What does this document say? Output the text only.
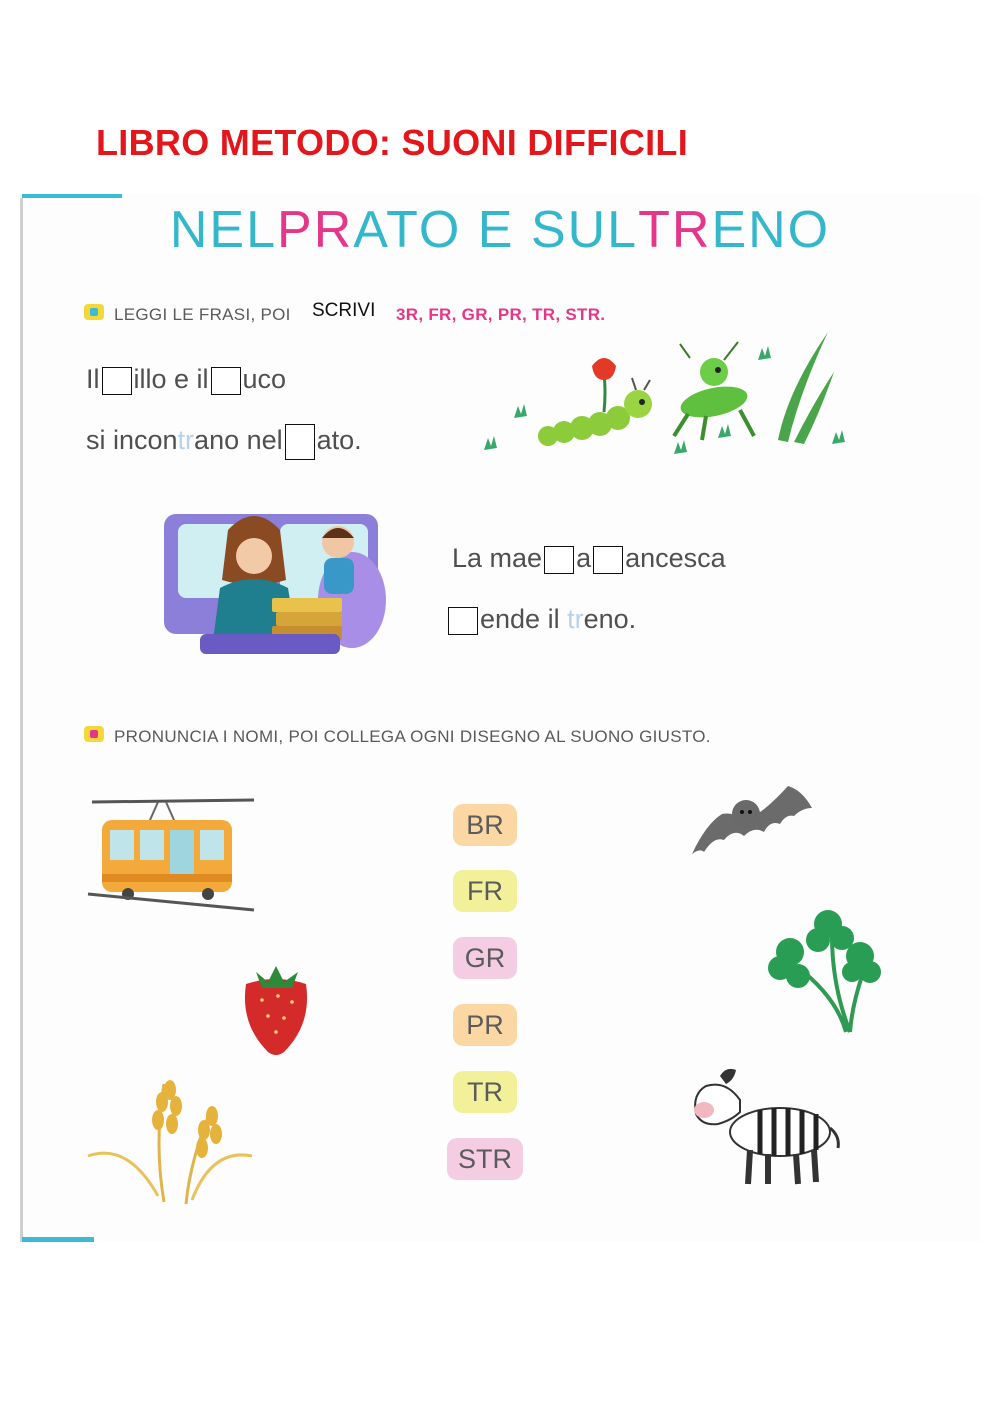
LIBRO METODO: SUONI DIFFICILI
NELPRATO E SULTRENO
LEGGI LE FRASI, POI SCRIVI 3R, FR, GR, PR, TR, STR.
Il illo e il uco
si incontrano nel ato.
La mae a ancesca
ende il treno.
PRONUNCIA I NOMI, POI COLLEGA OGNI DISEGNO AL SUONO GIUSTO.
BR
FR
GR
PR
TR
STR
